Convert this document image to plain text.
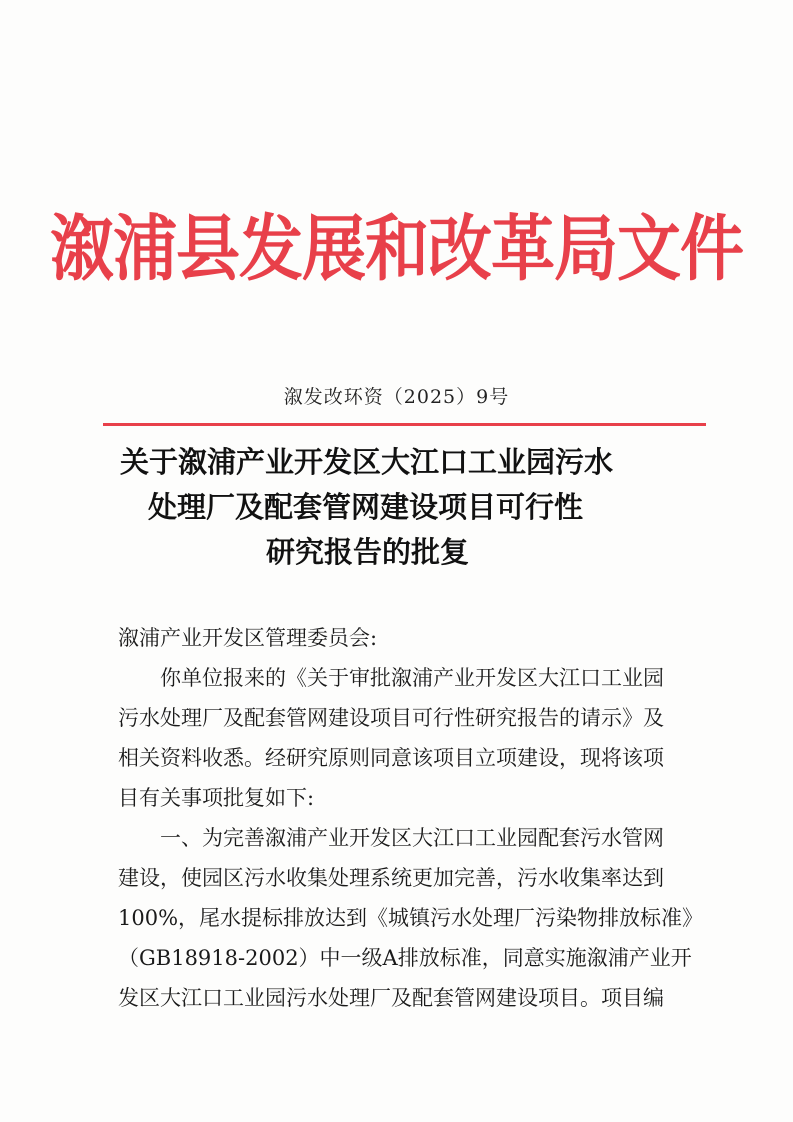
溆浦县发展和改革局文件
溆发改环资（2025）9号
关于溆浦产业开发区大江口工业园污水
处理厂及配套管网建设项目可行性
研究报告的批复

溆浦产业开发区管理委员会:

你单位报来的《关于审批溆浦产业开发区大江口工业园
污水处理厂及配套管网建设项目可行性研究报告的请示》及
相关资料收悉。经研究原则同意该项目立项建设，现将该项
目有关事项批复如下:

一、为完善溆浦产业开发区大江口工业园配套污水管网
建设，使园区污水收集处理系统更加完善，污水收集率达到
100%，尾水提标排放达到《城镇污水处理厂污染物排放标准》
（GB18918-2002）中一级A排放标准，同意实施溆浦产业开
发区大江口工业园污水处理厂及配套管网建设项目。项目编
